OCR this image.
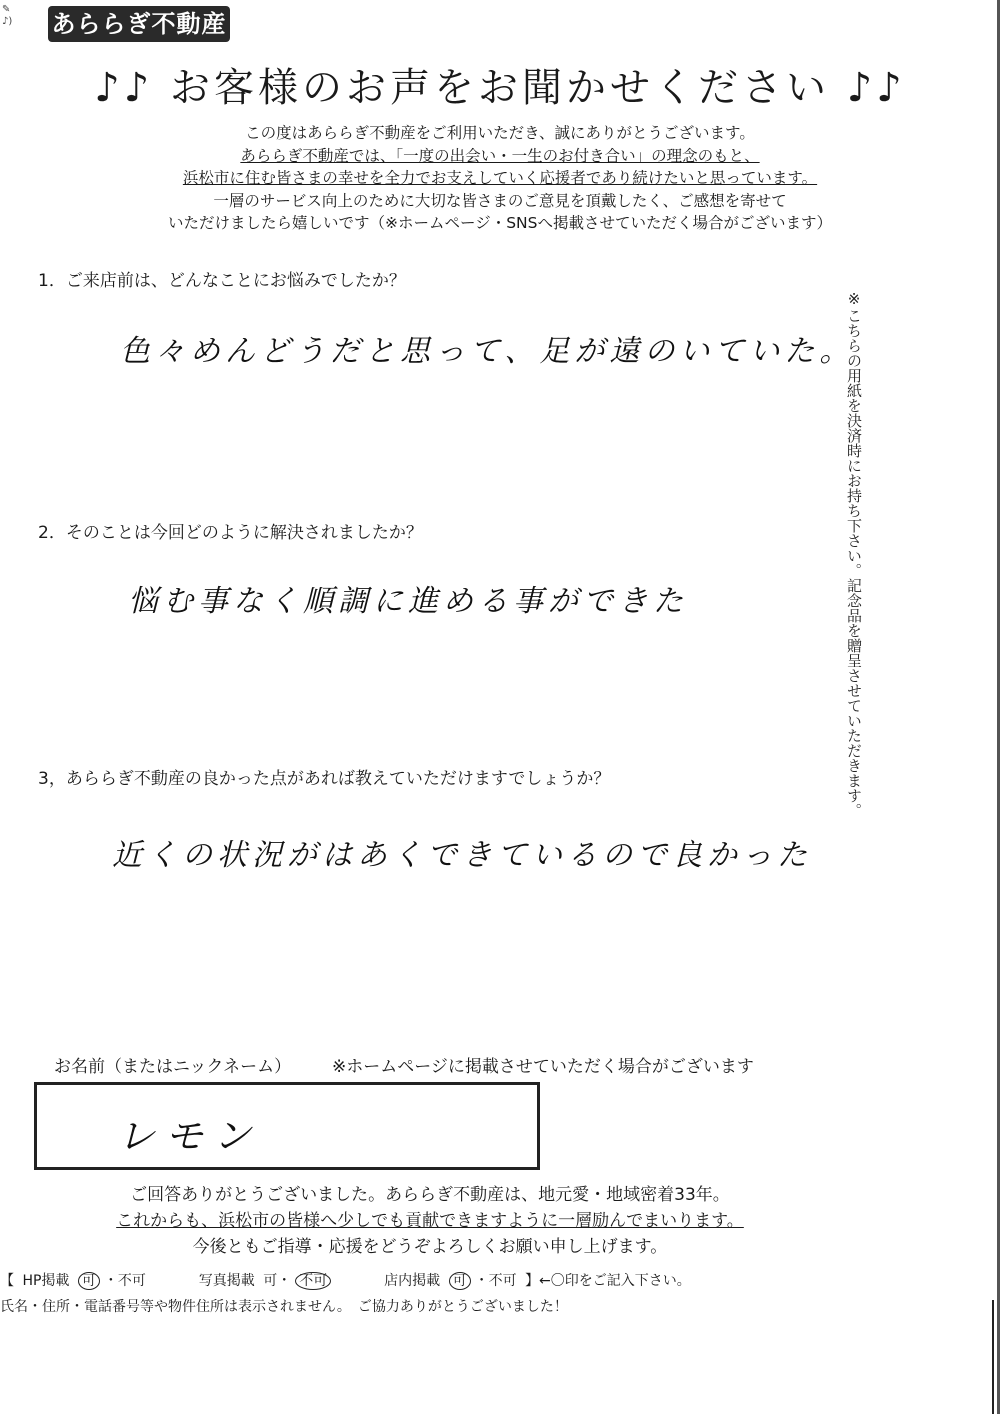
✎
♪)	あららぎ不動産
♪♪ お客様のお声をお聞かせください ♪♪
この度はあららぎ不動産をご利用いただき、誠にありがとうございます。
あららぎ不動産では、「一度の出会い・一生のお付き合い」の理念のもと、
浜松市に住む皆さまの幸せを全力でお支えしていく応援者であり続けたいと思っています。
一層のサービス向上のために大切な皆さまのご意見を頂戴したく、ご感想を寄せて
いただけましたら嬉しいです（※ホームページ・SNSへ掲載させていただく場合がございます）
1．ご来店前は、どんなことにお悩みでしたか？
色々めんどうだと思って、足が遠のいていた。
2．そのことは今回どのように解決されましたか？
悩む事なく順調に進める事ができた
3，あららぎ不動産の良かった点があれば教えていただけますでしょうか？
近くの状況がはあくできているので良かった
※こちらの用紙を決済時にお持ち下さい。記念品を贈呈させていただきます。
お名前（またはニックネーム） ※ホームページに掲載させていただく場合がございます
レモン
ご回答ありがとうございました。あららぎ不動産は、地元愛・地域密着33年。
これからも、浜松市の皆様へ少しでも貢献できますように一層励んでまいります。
今後ともご指導・応援をどうぞよろしくお願い申し上げます。
【 HP掲載 可 ・不可	写真掲載 可・ 不可	店内掲載 可 ・不可 】←〇印をご記入下さい。
氏名・住所・電話番号等や物件住所は表示されません。　ご協力ありがとうございました！
